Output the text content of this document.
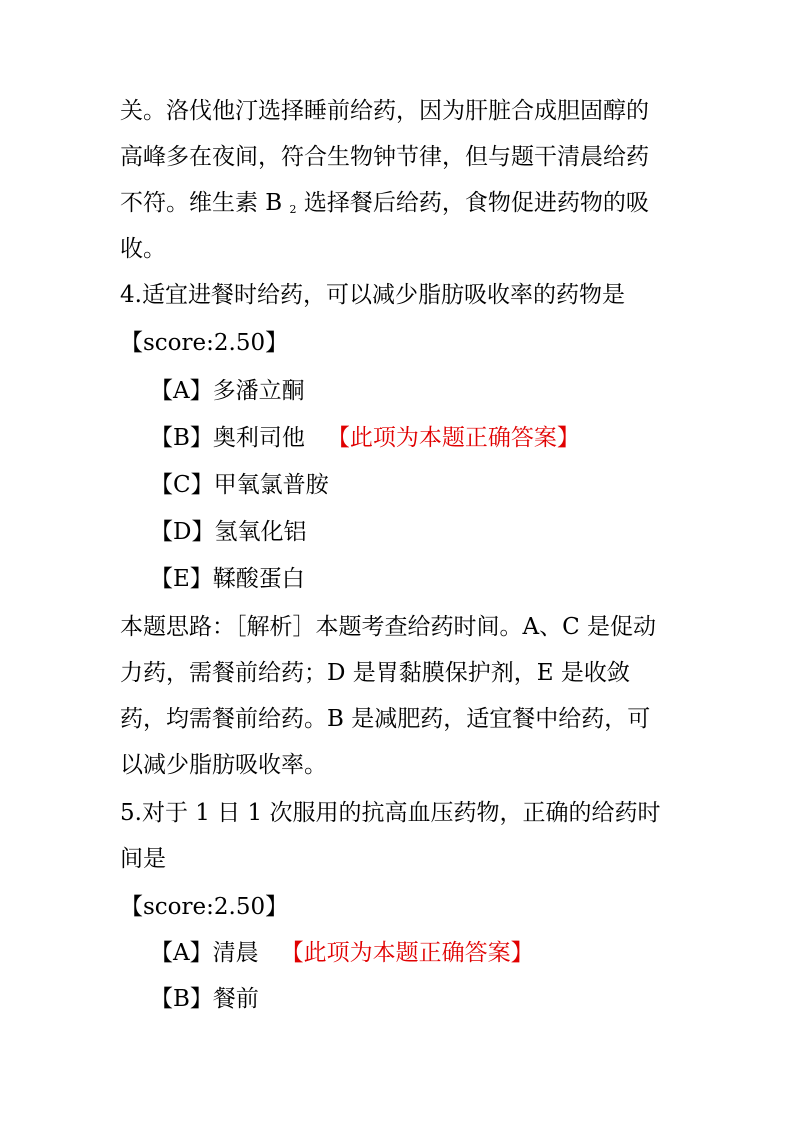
关。洛伐他汀选择睡前给药，因为肝脏合成胆固醇的
高峰多在夜间，符合生物钟节律，但与题干清晨给药
不符。维生素 B $_2$ 选择餐后给药，食物促进药物的吸
收。
4.适宜进餐时给药，可以减少脂肪吸收率的药物是
【score:2.50】
【A】多潘立酮
【B】奥利司他 【此项为本题正确答案】
【C】甲氧氯普胺
【D】氢氧化铝
【E】鞣酸蛋白
本题思路：［解析］本题考查给药时间。A、C 是促动
力药，需餐前给药；D 是胃黏膜保护剂，E 是收敛
药，均需餐前给药。B 是减肥药，适宜餐中给药，可
以减少脂肪吸收率。
5.对于 1 日 1 次服用的抗高血压药物，正确的给药时
间是
【score:2.50】
【A】清晨 【此项为本题正确答案】
【B】餐前
